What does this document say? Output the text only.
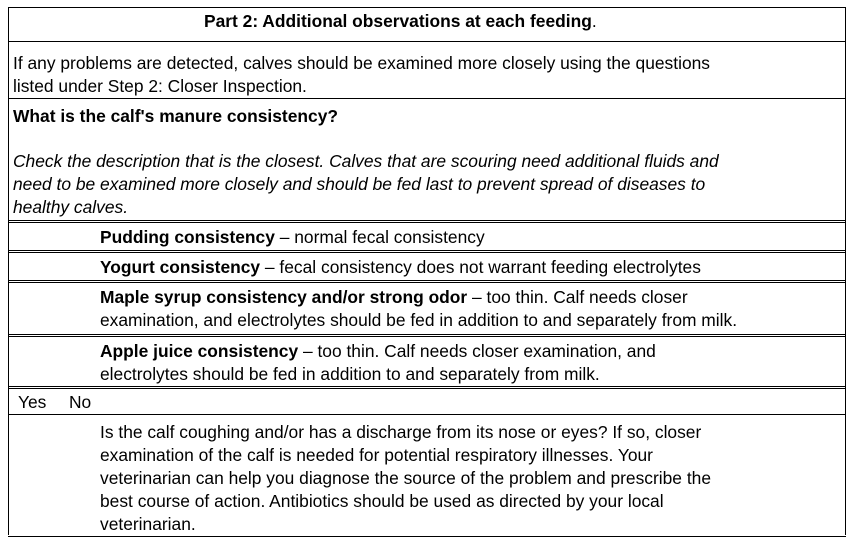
Part 2: Additional observations at each feeding.
If any problems are detected, calves should be examined more closely using the questions
listed under Step 2: Closer Inspection.
What is the calf's manure consistency?
Check the description that is the closest. Calves that are scouring need additional fluids and
need to be examined more closely and should be fed last to prevent spread of diseases to
healthy calves.
Pudding consistency – normal fecal consistency
Yogurt consistency – fecal consistency does not warrant feeding electrolytes
Maple syrup consistency and/or strong odor – too thin. Calf needs closer
examination, and electrolytes should be fed in addition to and separately from milk.
Apple juice consistency – too thin. Calf needs closer examination, and
electrolytes should be fed in addition to and separately from milk.
Yes No
Is the calf coughing and/or has a discharge from its nose or eyes? If so, closer
examination of the calf is needed for potential respiratory illnesses. Your
veterinarian can help you diagnose the source of the problem and prescribe the
best course of action. Antibiotics should be used as directed by your local
veterinarian.
